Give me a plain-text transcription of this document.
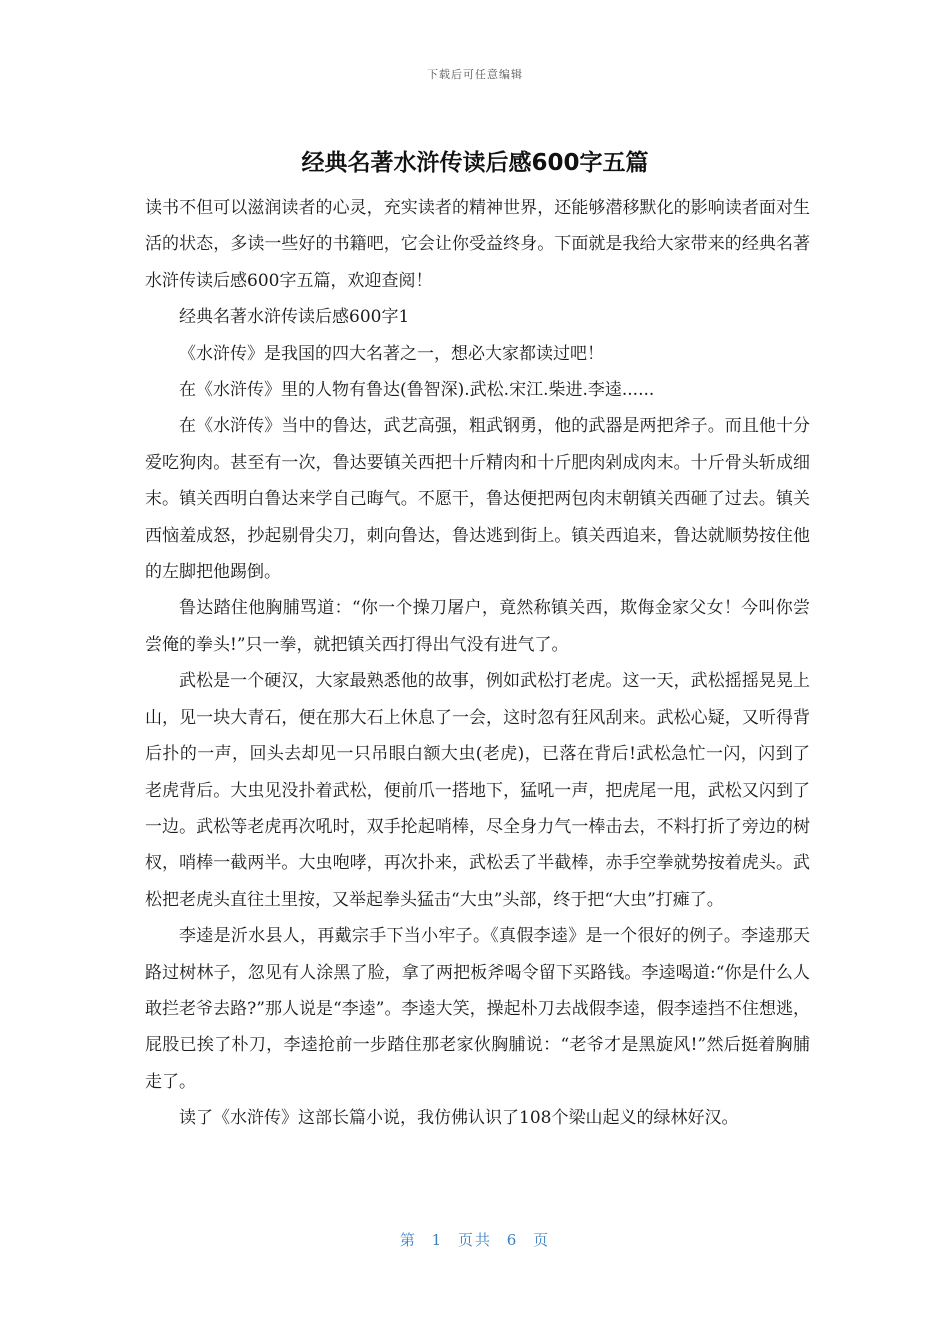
下载后可任意编辑
经典名著水浒传读后感600字五篇

读书不但可以滋润读者的心灵，充实读者的精神世界，还能够潜移默化的影响读者面对生活的状态，多读一些好的书籍吧，它会让你受益终身。下面就是我给大家带来的经典名著水浒传读后感600字五篇，欢迎查阅！

经典名著水浒传读后感600字1

《水浒传》是我国的四大名著之一，想必大家都读过吧！

在《水浒传》里的人物有鲁达(鲁智深).武松.宋江.柴进.李逵......

在《水浒传》当中的鲁达，武艺高强，粗武钢勇，他的武器是两把斧子。而且他十分爱吃狗肉。甚至有一次，鲁达要镇关西把十斤精肉和十斤肥肉剁成肉末。十斤骨头斩成细末。镇关西明白鲁达来学自己晦气。不愿干，鲁达便把两包肉末朝镇关西砸了过去。镇关西恼羞成怒，抄起剔骨尖刀，刺向鲁达，鲁达逃到街上。镇关西追来，鲁达就顺势按住他的左脚把他踢倒。

鲁达踏住他胸脯骂道：“你一个操刀屠户，竟然称镇关西，欺侮金家父女！今叫你尝尝俺的拳头!”只一拳，就把镇关西打得出气没有进气了。

武松是一个硬汉，大家最熟悉他的故事，例如武松打老虎。这一天，武松摇摇晃晃上山，见一块大青石，便在那大石上休息了一会，这时忽有狂风刮来。武松心疑，又听得背后扑的一声，回头去却见一只吊眼白额大虫(老虎)，已落在背后!武松急忙一闪，闪到了老虎背后。大虫见没扑着武松，便前爪一搭地下，猛吼一声，把虎尾一甩，武松又闪到了一边。武松等老虎再次吼时，双手抡起哨棒，尽全身力气一棒击去，不料打折了旁边的树杈，哨棒一截两半。大虫咆哮，再次扑来，武松丢了半截棒，赤手空拳就势按着虎头。武松把老虎头直往土里按，又举起拳头猛击“大虫”头部，终于把“大虫”打瘫了。

李逵是沂水县人，再戴宗手下当小牢子。《真假李逵》是一个很好的例子。李逵那天路过树林子，忽见有人涂黑了脸，拿了两把板斧喝令留下买路钱。李逵喝道:“你是什么人敢拦老爷去路?”那人说是“李逵”。李逵大笑，操起朴刀去战假李逵，假李逵挡不住想逃，屁股已挨了朴刀，李逵抢前一步踏住那老家伙胸脯说：“老爷才是黑旋风!”然后挺着胸脯走了。

读了《水浒传》这部长篇小说，我仿佛认识了108个梁山起义的绿林好汉。

第 1 页共 6 页
